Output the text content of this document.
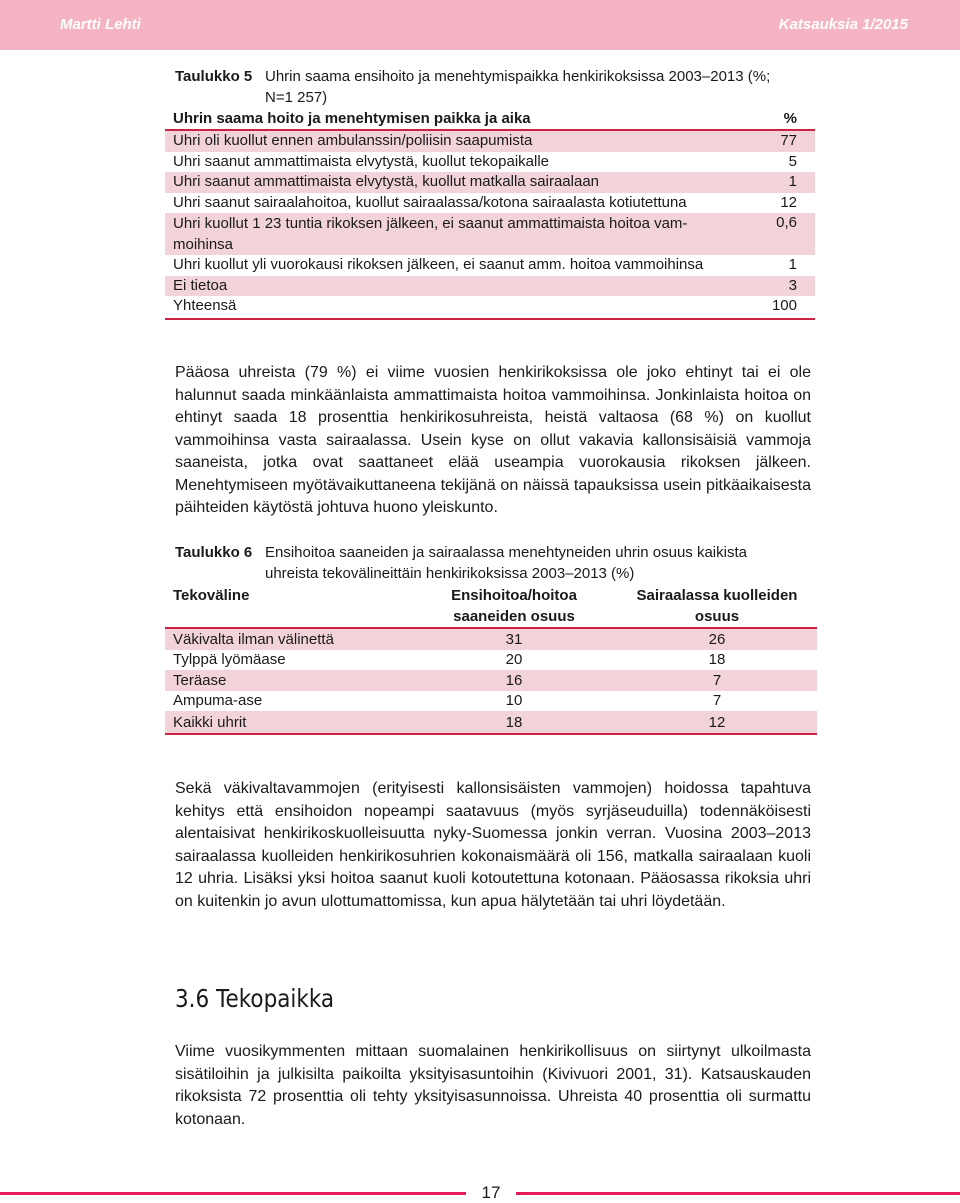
Martti Lehti	Katsauksia 1/2015
Taulukko 5 Uhrin saama ensihoito ja menehtymispaikka henkirikoksissa 2003–2013 (%;
N=1 257)
Uhrin saama hoito ja menehtymisen paikka ja aika	%
Uhri oli kuollut ennen ambulanssin/poliisin saapumista	77
Uhri saanut ammattimaista elvytystä, kuollut tekopaikalle	5
Uhri saanut ammattimaista elvytystä, kuollut matkalla sairaalaan	1
Uhri saanut sairaalahoitoa, kuollut sairaalassa/kotona sairaalasta kotiutettuna	12
Uhri kuollut 1 23 tuntia rikoksen jälkeen, ei saanut ammattimaista hoitoa vam-
moihinsa	0,6
Uhri kuollut yli vuorokausi rikoksen jälkeen, ei saanut amm. hoitoa vammoihinsa	1
Ei tietoa	3
Yhteensä	100
Pääosa uhreista (79 %) ei viime vuosien henkirikoksissa ole joko ehtinyt tai ei ole halunnut saada minkäänlaista ammattimaista hoitoa vammoihinsa. Jonkinlaista hoitoa on ehtinyt saada 18 prosenttia henkirikosuhreista, heistä valtaosa (68 %) on kuollut vammoihinsa vasta sairaalassa. Usein kyse on ollut vakavia kallonsisäisiä vammoja saaneista, jotka ovat saattaneet elää useampia vuorokausia rikoksen jälkeen. Menehtymiseen myötävaikuttaneena tekijänä on näissä tapauksissa usein pitkäaikaisesta päihteiden käytöstä johtuva huono yleiskunto.
Taulukko 6 Ensihoitoa saaneiden ja sairaalassa menehtyneiden uhrin osuus kaikista
uhreista tekovälineittäin henkirikoksissa 2003–2013 (%)
Tekoväline	Ensihoitoa/hoitoa saaneiden osuus	Sairaalassa kuolleiden osuus
Väkivalta ilman välinettä	31	26
Tylppä lyömäase	20	18
Teräase	16	7
Ampuma-ase	10	7
Kaikki uhrit	18	12
Sekä väkivaltavammojen (erityisesti kallonsisäisten vammojen) hoidossa tapahtuva kehitys että ensihoidon nopeampi saatavuus (myös syrjäseuduilla) todennäköisesti alentaisivat henkirikoskuolleisuutta nyky-Suomessa jonkin verran. Vuosina 2003–2013 sairaalassa kuolleiden henkirikosuhrien kokonaismäärä oli 156, matkalla sairaalaan kuoli 12 uhria. Lisäksi yksi hoitoa saanut kuoli kotoutettuna kotonaan. Pääosassa rikoksia uhri on kuitenkin jo avun ulottumattomissa, kun apua hälytetään tai uhri löydetään.
3.6 Tekopaikka
Viime vuosikymmenten mittaan suomalainen henkirikollisuus on siirtynyt ulkoilmasta sisätiloihin ja julkisilta paikoilta yksityisasuntoihin (Kivivuori 2001, 31). Katsauskauden rikoksista 72 prosenttia oli tehty yksityisasunnoissa. Uhreista 40 prosenttia oli surmattu kotonaan.
17
